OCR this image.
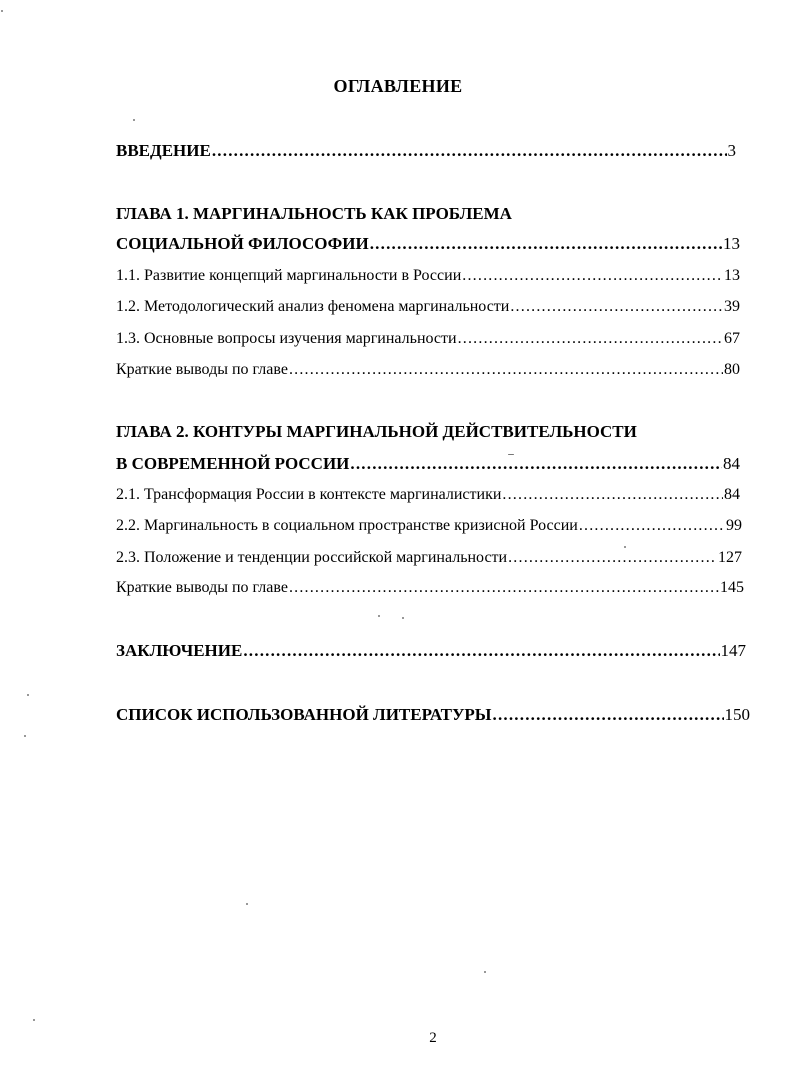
ОГЛАВЛЕНИЕ
ВВЕДЕНИЕ .....	3
ГЛАВА 1. МАРГИНАЛЬНОСТЬ КАК ПРОБЛЕМА
СОЦИАЛЬНОЙ ФИЛОСОФИИ .....	13
1.1. Развитие концепций маргинальности в России .....	13
1.2. Методологический анализ феномена маргинальности .....	39
1.3. Основные вопросы изучения маргинальности .....	67
Краткие выводы по главе .....	80
ГЛАВА 2. КОНТУРЫ МАРГИНАЛЬНОЙ ДЕЙСТВИТЕЛЬНОСТИ
В СОВРЕМЕННОЙ РОССИИ .....	84
2.1. Трансформация России в контексте маргиналистики .....	84
2.2. Маргинальность в социальном пространстве кризисной России .....	99
2.3. Положение и тенденции российской маргинальности .....	127
Краткие выводы по главе .....	145
ЗАКЛЮЧЕНИЕ .....	147
СПИСОК ИСПОЛЬЗОВАННОЙ ЛИТЕРАТУРЫ .....	150
2
